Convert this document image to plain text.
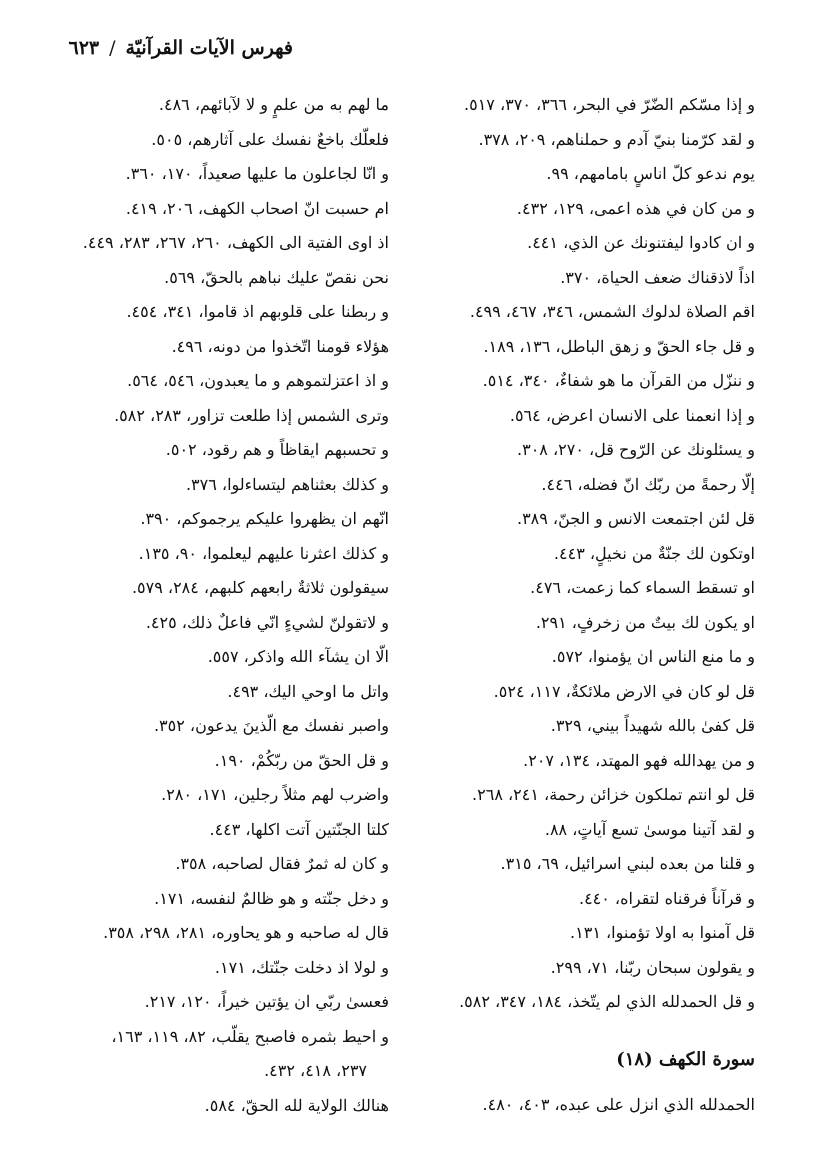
فهرس الآيات القرآنيّة/٦٢٣
و إذا مسّكم الضّرّ في البحر، ٣٦٦، ٣٧٠، ٥١٧.
و لقد كرّمنا بنيّ آدم و حملناهم، ٢٠٩، ٣٧٨.
يوم ندعو كلّ اناسٍ بامامهم، ٩٩.
و من كان في هذه اعمى، ١٢٩، ٤٣٢.
و ان كادوا ليفتنونك عن الذي، ٤٤١.
اذاً لاذقناك ضعف الحياة، ٣٧٠.
اقم الصلاة لدلوك الشمس، ٣٤٦، ٤٦٧، ٤٩٩.
و قل جاء الحقّ و زهق الباطل، ١٣٦، ١٨٩.
و ننزّل من القرآن ما هو شفاءٌ، ٣٤٠، ٥١٤.
و إذا انعمنا على الانسان اعرض، ٥٦٤.
و يسئلونك عن الرّوح قل، ٢٧٠، ٣٠٨.
إلّا رحمةً من ربّك انّ فضله، ٤٤٦.
قل لئن اجتمعت الانس و الجنّ، ٣٨٩.
اوتكون لك جنّةٌ من نخيلٍ، ٤٤٣.
او تسقط السماء كما زعمت، ٤٧٦.
او يكون لك بيتٌ من زخرفٍ، ٢٩١.
و ما منع الناس ان يؤمنوا، ٥٧٢.
قل لو كان في الارض ملائكةٌ، ١١٧، ٥٢٤.
قل كفىٰ بالله شهيداً بيني، ٣٢٩.
و من يهدالله فهو المهتد، ١٣٤، ٢٠٧.
قل لو انتم تملكون خزائن رحمة، ٢٤١، ٢٦٨.
و لقد آتينا موسىٰ تسع آياتٍ، ٨٨.
و قلنا من بعده لبني اسرائيل، ٦٩، ٣١٥.
و قرآناً فرقناه لتقراه، ٤٤٠.
قل آمنوا به اولا تؤمنوا، ١٣١.
و يقولون سبحان ربّنا، ٧١، ٢٩٩.
و قل الحمدلله الذي لم يتّخذ، ١٨٤، ٣٤٧، ٥٨٢.
سورة الكهف (١٨)
الحمدلله الذي انزل على عبده، ٤٠٣، ٤٨٠.
ما لهم به من علمٍ و لا لآبائهم، ٤٨٦.
فلعلّك باخعٌ نفسك على آثارهم، ٥٠٥.
و انّا لجاعلون ما عليها صعيداً، ١٧٠، ٣٦٠.
ام حسبت انّ اصحاب الكهف، ٢٠٦، ٤١٩.
اذ اوى الفتية الى الكهف، ٢٦٠، ٢٦٧، ٢٨٣، ٤٤٩.
نحن نقصّ عليك نباهم بالحقّ، ٥٦٩.
و ربطنا على قلوبهم اذ قاموا، ٣٤١، ٤٥٤.
هؤلاء قومنا اتّخذوا من دونه، ٤٩٦.
و اذ اعتزلتموهم و ما يعبدون، ٥٤٦، ٥٦٤.
وترى الشمس إذا طلعت تزاور، ٢٨٣، ٥٨٢.
و تحسبهم ايقاظاً و هم رقود، ٥٠٢.
و كذلك بعثناهم ليتساءلوا، ٣٧٦.
انّهم ان يظهروا عليكم يرجموكم، ٣٩٠.
و كذلك اعثرنا عليهم ليعلموا، ٩٠، ١٣٥.
سيقولون ثلاثةٌ رابعهم كلبهم، ٢٨٤، ٥٧٩.
و لاتقولنّ لشيءٍ انّي فاعلٌ ذلك، ٤٢٥.
الّا ان يشآء الله واذكر، ٥٥٧.
واتل ما اوحي اليك، ٤٩٣.
واصبر نفسك مع الّذينَ يدعون، ٣٥٢.
و قل الحقّ من ربّكُمْ، ١٩٠.
واضرب لهم مثلاً رجلين، ١٧١، ٢٨٠.
كلتا الجنّتين آتت اكلها، ٤٤٣.
و كان له ثمرٌ فقال لصاحبه، ٣٥٨.
و دخل جنّته و هو ظالمٌ لنفسه، ١٧١.
قال له صاحبه و هو يحاوره، ٢٨١، ٢٩٨، ٣٥٨.
و لولا اذ دخلت جنّتك، ١٧١.
فعسىٰ ربّي ان يؤتين خيراً، ١٢٠، ٢١٧.
و احيط بثمره فاصبح يقلّب، ٨٢، ١١٩، ١٦٣،
٢٣٧، ٤١٨، ٤٣٢.
هنالك الولاية لله الحقّ، ٥٨٤.
